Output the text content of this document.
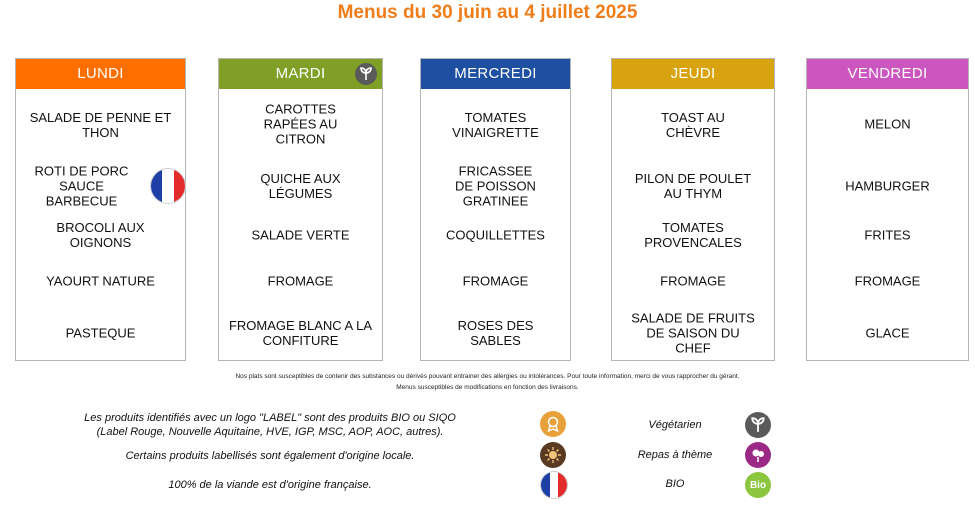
Menus du 30 juin au 4 juillet 2025
LUNDI
SALADE DE PENNE ET THON
ROTI DE PORC SAUCE BARBECUE
BROCOLI AUX OIGNONS
YAOURT NATURE
PASTEQUE
MARDI
CAROTTES RAPÉES AU CITRON
QUICHE AUX LÉGUMES
SALADE VERTE
FROMAGE
FROMAGE BLANC A LA CONFITURE
MERCREDI
TOMATES VINAIGRETTE
FRICASSEE DE POISSON GRATINEE
COQUILLETTES
FROMAGE
ROSES DES SABLES
JEUDI
TOAST AU CHÈVRE
PILON DE POULET AU THYM
TOMATES PROVENCALES
FROMAGE
SALADE DE FRUITS DE SAISON DU CHEF
VENDREDI
MELON
HAMBURGER
FRITES
FROMAGE
GLACE
Nos plats sont susceptibles de contenir des substances ou dérivés pouvant entrainer des allergies ou intolérances. Pour toute information, merci de vous rapprocher du gérant.
Menus susceptibles de modifications en fonction des livraisons.
Les produits identifiés avec un logo "LABEL" sont des produits BIO ou SIQO
(Label Rouge, Nouvelle Aquitaine, HVE, IGP, MSC, AOP, AOC, autres).
Certains produits labellisés sont également d'origine locale.
100% de la viande est d'origine française.
Végétarien
Repas à thème
BIO	Bio
